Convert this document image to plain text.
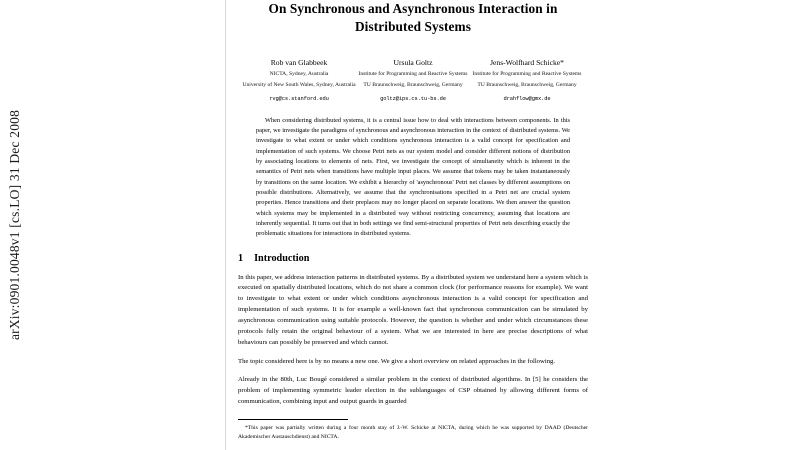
arXiv:0901.0048v1 [cs.LO] 31 Dec 2008
On Synchronous and Asynchronous Interaction in
Distributed Systems
Rob van Glabbeek
NICTA, Sydney, Australia
University of New South Wales, Sydney, Australia
Ursula Goltz
Institute for Programming and Reactive Systems
TU Braunschweig, Braunschweig, Germany
Jens-Wolfhard Schicke*
Institute for Programming and Reactive Systems
TU Braunschweig, Braunschweig, Germany
rvg@cs.stanford.edu	goltz@ips.cs.tu-bs.de	drahflow@gmx.de
When considering distributed systems, it is a central issue how to deal with interactions between components. In this paper, we investigate the paradigms of synchronous and asynchronous interaction in the context of distributed systems. We investigate to what extent or under which conditions synchronous interaction is a valid concept for specification and implementation of such systems. We choose Petri nets as our system model and consider different notions of distribution by associating locations to elements of nets. First, we investigate the concept of simultaneity which is inherent in the semantics of Petri nets when transitions have multiple input places. We assume that tokens may be taken instantaneously by transitions on the same location. We exhibit a hierarchy of 'asynchronous' Petri net classes by different assumptions on possible distributions. Alternatively, we assume that the synchronisations specified in a Petri net are crucial system properties. Hence transitions and their preplaces may no longer placed on separate locations. We then answer the question which systems may be implemented in a distributed way without restricting concurrency, assuming that locations are inherently sequential. It turns out that in both settings we find semi-structural properties of Petri nets describing exactly the problematic situations for interactions in distributed systems.
1 Introduction
In this paper, we address interaction patterns in distributed systems. By a distributed system we understand here a system which is executed on spatially distributed locations, which do not share a common clock (for performance reasons for example). We want to investigate to what extent or under which conditions asynchronous interaction is a valid concept for specification and implementation of such systems. It is for example a well-known fact that synchronous communication can be simulated by asynchronous communication using suitable protocols. However, the question is whether and under which circumstances these protocols fully retain the original behaviour of a system. What we are interested in here are precise descriptions of what behaviours can possibly be preserved and which cannot.
The topic considered here is by no means a new one. We give a short overview on related approaches in the following.
Already in the 80th, Luc Bougé considered a similar problem in the context of distributed algorithms. In [5] he considers the problem of implementing symmetric leader election in the sublanguages of CSP obtained by allowing different forms of communication, combining input and output guards in guarded
*This paper was partially written during a four month stay of J.-W. Schicke at NICTA, during which he was supported by DAAD (Deutscher Akademischer Austauschdienst) and NICTA.
